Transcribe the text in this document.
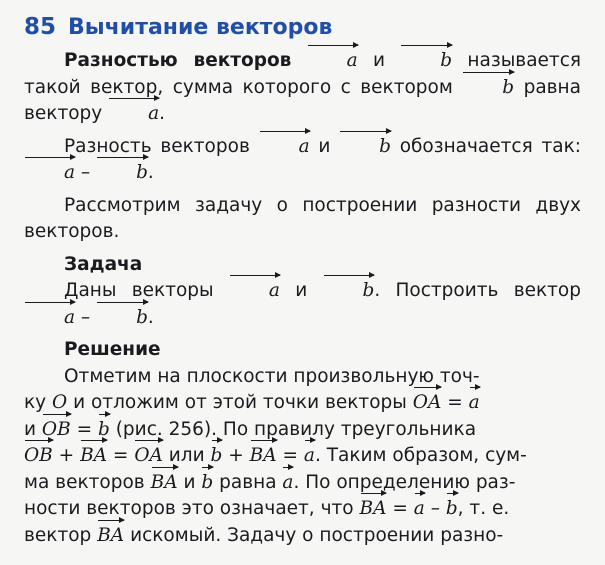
85 Вычитание векторов

Разностью векторов	a и	b называется такой вектор, сумма которого с вектором	b равна вектору a.

Разность векторов	a и	b обозначается так: a – b.

Рассмотрим задачу о построении разности двух векторов.

Задача

Даны векторы	a и	b. Построить вектор a – b.

Решение

Отметим на плоскости произвольную точ-
ку O и отложим от этой точки векторы OA = a
и OB = b (рис. 256). По правилу треугольника
OB + BA = OA или b + BA = a. Таким образом, сум-
ма векторов BA и b равна a. По определению раз-
ности векторов это означает, что BA = a – b, т. е.
вектор BA искомый. Задачу о построении разно-
